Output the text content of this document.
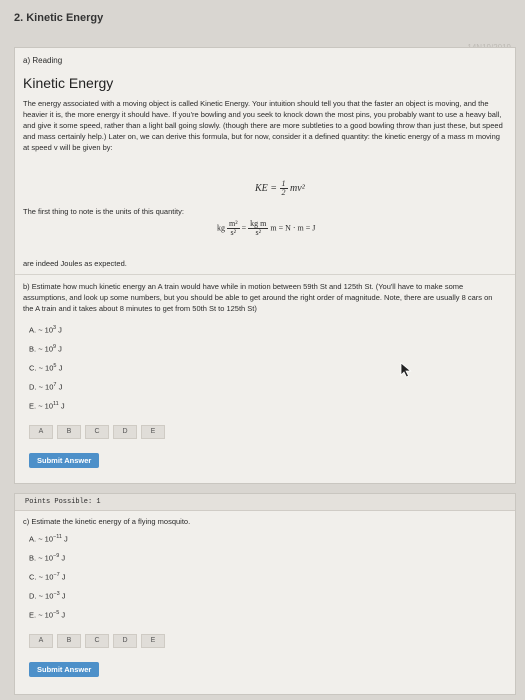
2. Kinetic Energy
a) Reading
Kinetic Energy
The energy associated with a moving object is called Kinetic Energy. Your intuition should tell you that the faster an object is moving, and the heavier it is, the more energy it should have. If you're bowling and you seek to knock down the most pins, you probably want to use a heavy ball, and give it some speed, rather than a light ball going slowly. (though there are more subtleties to a good bowling throw than just these, but speed and mass certainly help.) Later on, we can derive this formula, but for now, consider it a defined quantity: the kinetic energy of a mass m moving at speed v will be given by:
KE = $\frac{1}{2} mv^2$
The first thing to note is the units of this quantity:
kg $\frac{\text{m²}}{\text{s²}} = \frac{\text{kg m}}{\text{s²}}$ m = N · m = J
are indeed Joules as expected.
b) Estimate how much kinetic energy an A train would have while in motion between 59th St and 125th St. (You'll have to make some assumptions, and look up some numbers, but you should be able to get around the right order of magnitude. Note, there are usually 8 cars on the A train and it takes about 8 minutes to get from 50th St to 125th St)
A. ~ $10^3$ J
B. ~ $10^9$ J
C. ~ $10^5$ J
D. ~ $10^7$ J
E. ~ $10^{11}$ J
A	B	C	D	E
Submit Answer
Points Possible: 1
c) Estimate the kinetic energy of a flying mosquito.
A. ~ $10^{-11}$ J
B. ~ $10^{-9}$ J
C. ~ $10^{-7}$ J
D. ~ $10^{-3}$ J
E. ~ $10^{-5}$ J
A	B	C	D	E
Submit Answer
